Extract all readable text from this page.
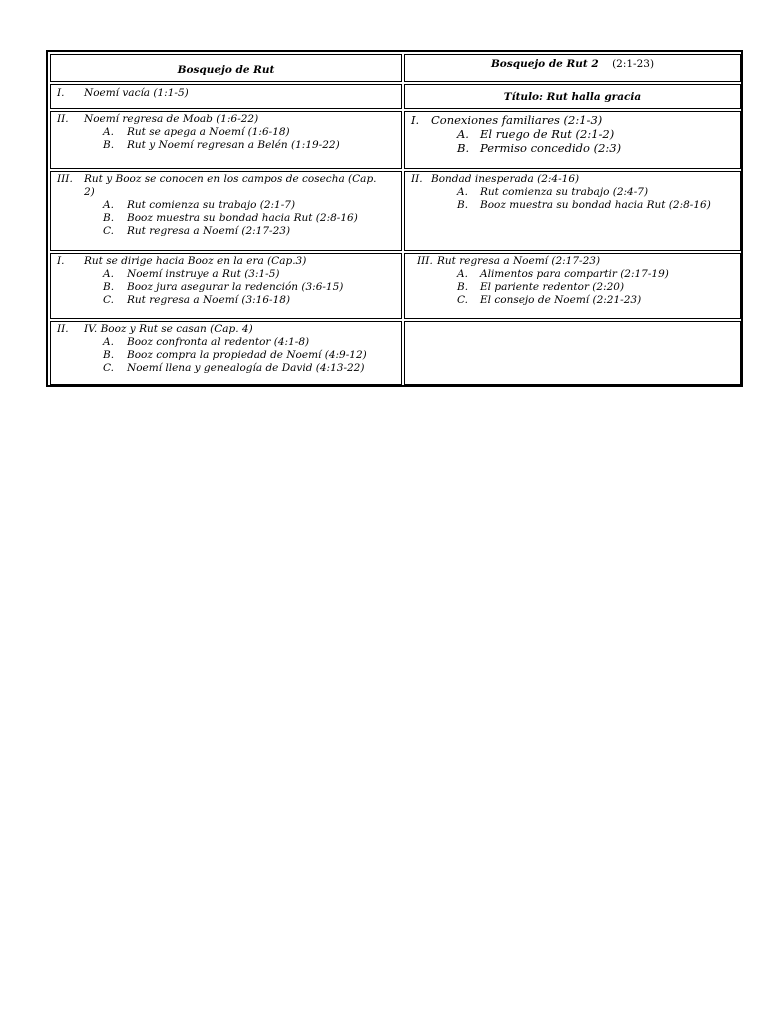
Bosquejo de Rut	Bosquejo de Rut 2 (2:1-23)
I. Noemí vacía (1:1-5)	Título: Rut halla gracia
II. Noemí regresa de Moab (1:6-22)
A. Rut se apega a Noemí (1:6-18)
B. Rut y Noemí regresan a Belén (1:19-22)
I. Conexiones familiares (2:1-3)
A. El ruego de Rut (2:1-2)
B. Permiso concedido (2:3)
III. Rut y Booz se conocen en los campos de cosecha (Cap.
2)
A. Rut comienza su trabajo (2:1-7)
B. Booz muestra su bondad hacia Rut (2:8-16)
C. Rut regresa a Noemí (2:17-23)
II. Bondad inesperada (2:4-16)
A. Rut comienza su trabajo (2:4-7)
B. Booz muestra su bondad hacia Rut (2:8-16)
I. Rut se dirige hacia Booz en la era (Cap.3)
A. Noemí instruye a Rut (3:1-5)
B. Booz jura asegurar la redención (3:6-15)
C. Rut regresa a Noemí (3:16-18)
III. Rut regresa a Noemí (2:17-23)
A. Alimentos para compartir (2:17-19)
B. El pariente redentor (2:20)
C. El consejo de Noemí (2:21-23)
II. IV. Booz y Rut se casan (Cap. 4)
A. Booz confronta al redentor (4:1-8)
B. Booz compra la propiedad de Noemí (4:9-12)
C. Noemí llena y genealogía de David (4:13-22)
